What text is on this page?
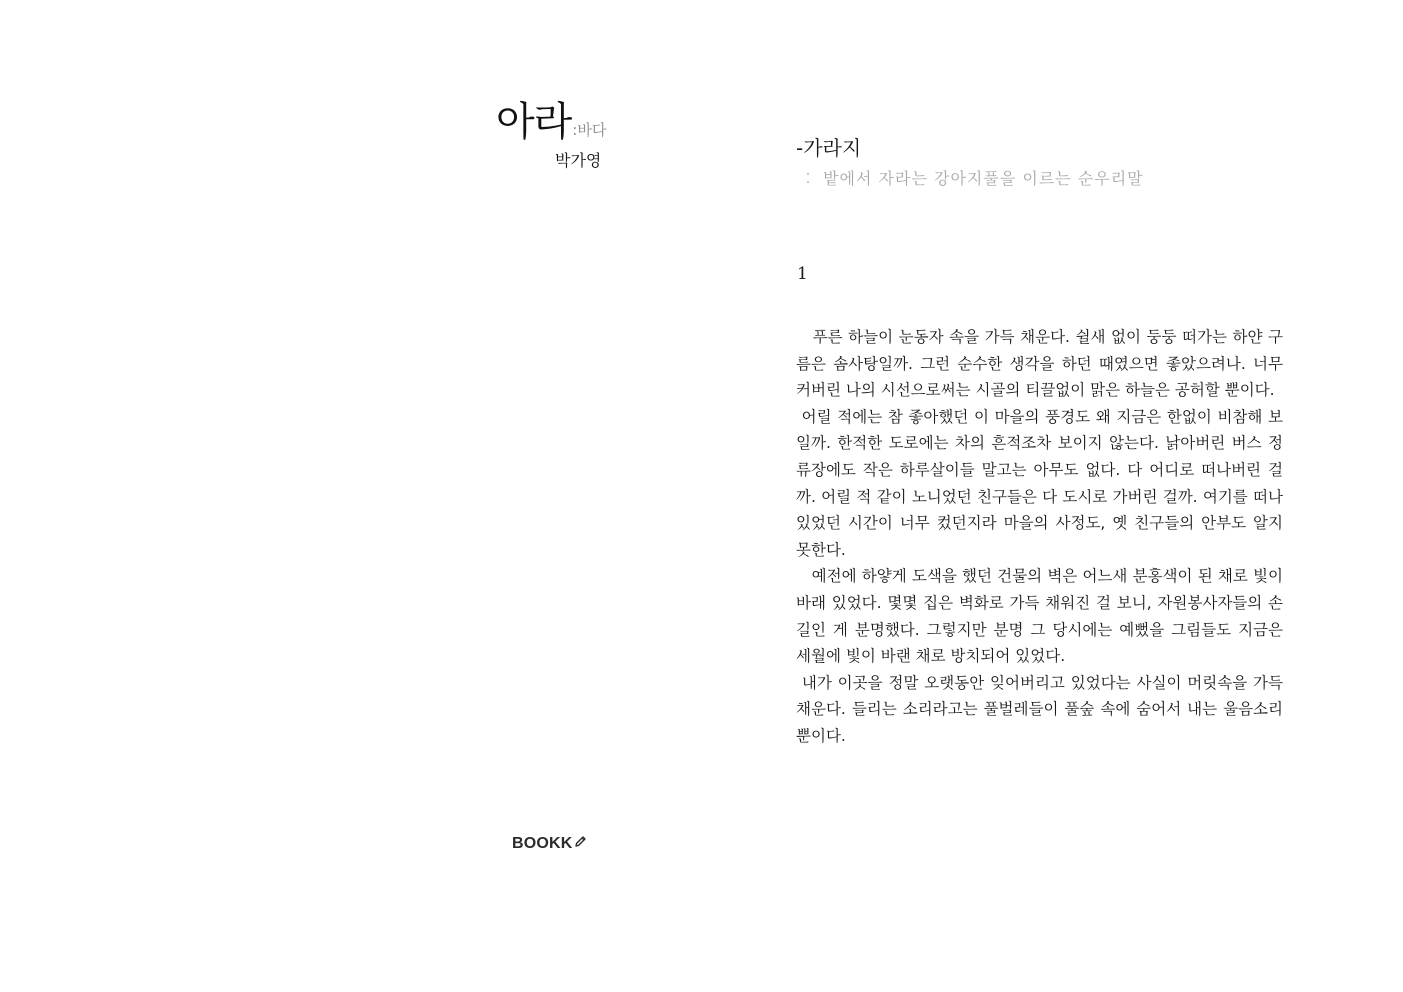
아라:바다
박가영
BOOKK
-가라지
︰ 밭에서 자라는 강아지풀을 이르는 순우리말
1

푸른 하늘이 눈동자 속을 가득 채운다. 쉴새 없이 둥둥 떠가는 하얀 구름은 솜사탕일까. 그런 순수한 생각을 하던 때였으면 좋았으려나. 너무 커버린 나의 시선으로써는 시골의 티끌없이 맑은 하늘은 공허할 뿐이다.

어릴 적에는 참 좋아했던 이 마을의 풍경도 왜 지금은 한없이 비참해 보일까. 한적한 도로에는 차의 흔적조차 보이지 않는다. 낡아버린 버스 정류장에도 작은 하루살이들 말고는 아무도 없다. 다 어디로 떠나버린 걸까. 어릴 적 같이 노니었던 친구들은 다 도시로 가버린 걸까. 여기를 떠나있었던 시간이 너무 컸던지라 마을의 사정도, 옛 친구들의 안부도 알지 못한다.

예전에 하얗게 도색을 했던 건물의 벽은 어느새 분홍색이 된 채로 빛이 바래 있었다. 몇몇 집은 벽화로 가득 채워진 걸 보니, 자원봉사자들의 손길인 게 분명했다. 그렇지만 분명 그 당시에는 예뻤을 그림들도 지금은 세월에 빛이 바랜 채로 방치되어 있었다.

내가 이곳을 정말 오랫동안 잊어버리고 있었다는 사실이 머릿속을 가득 채운다. 들리는 소리라고는 풀벌레들이 풀숲 속에 숨어서 내는 울음소리뿐이다.
